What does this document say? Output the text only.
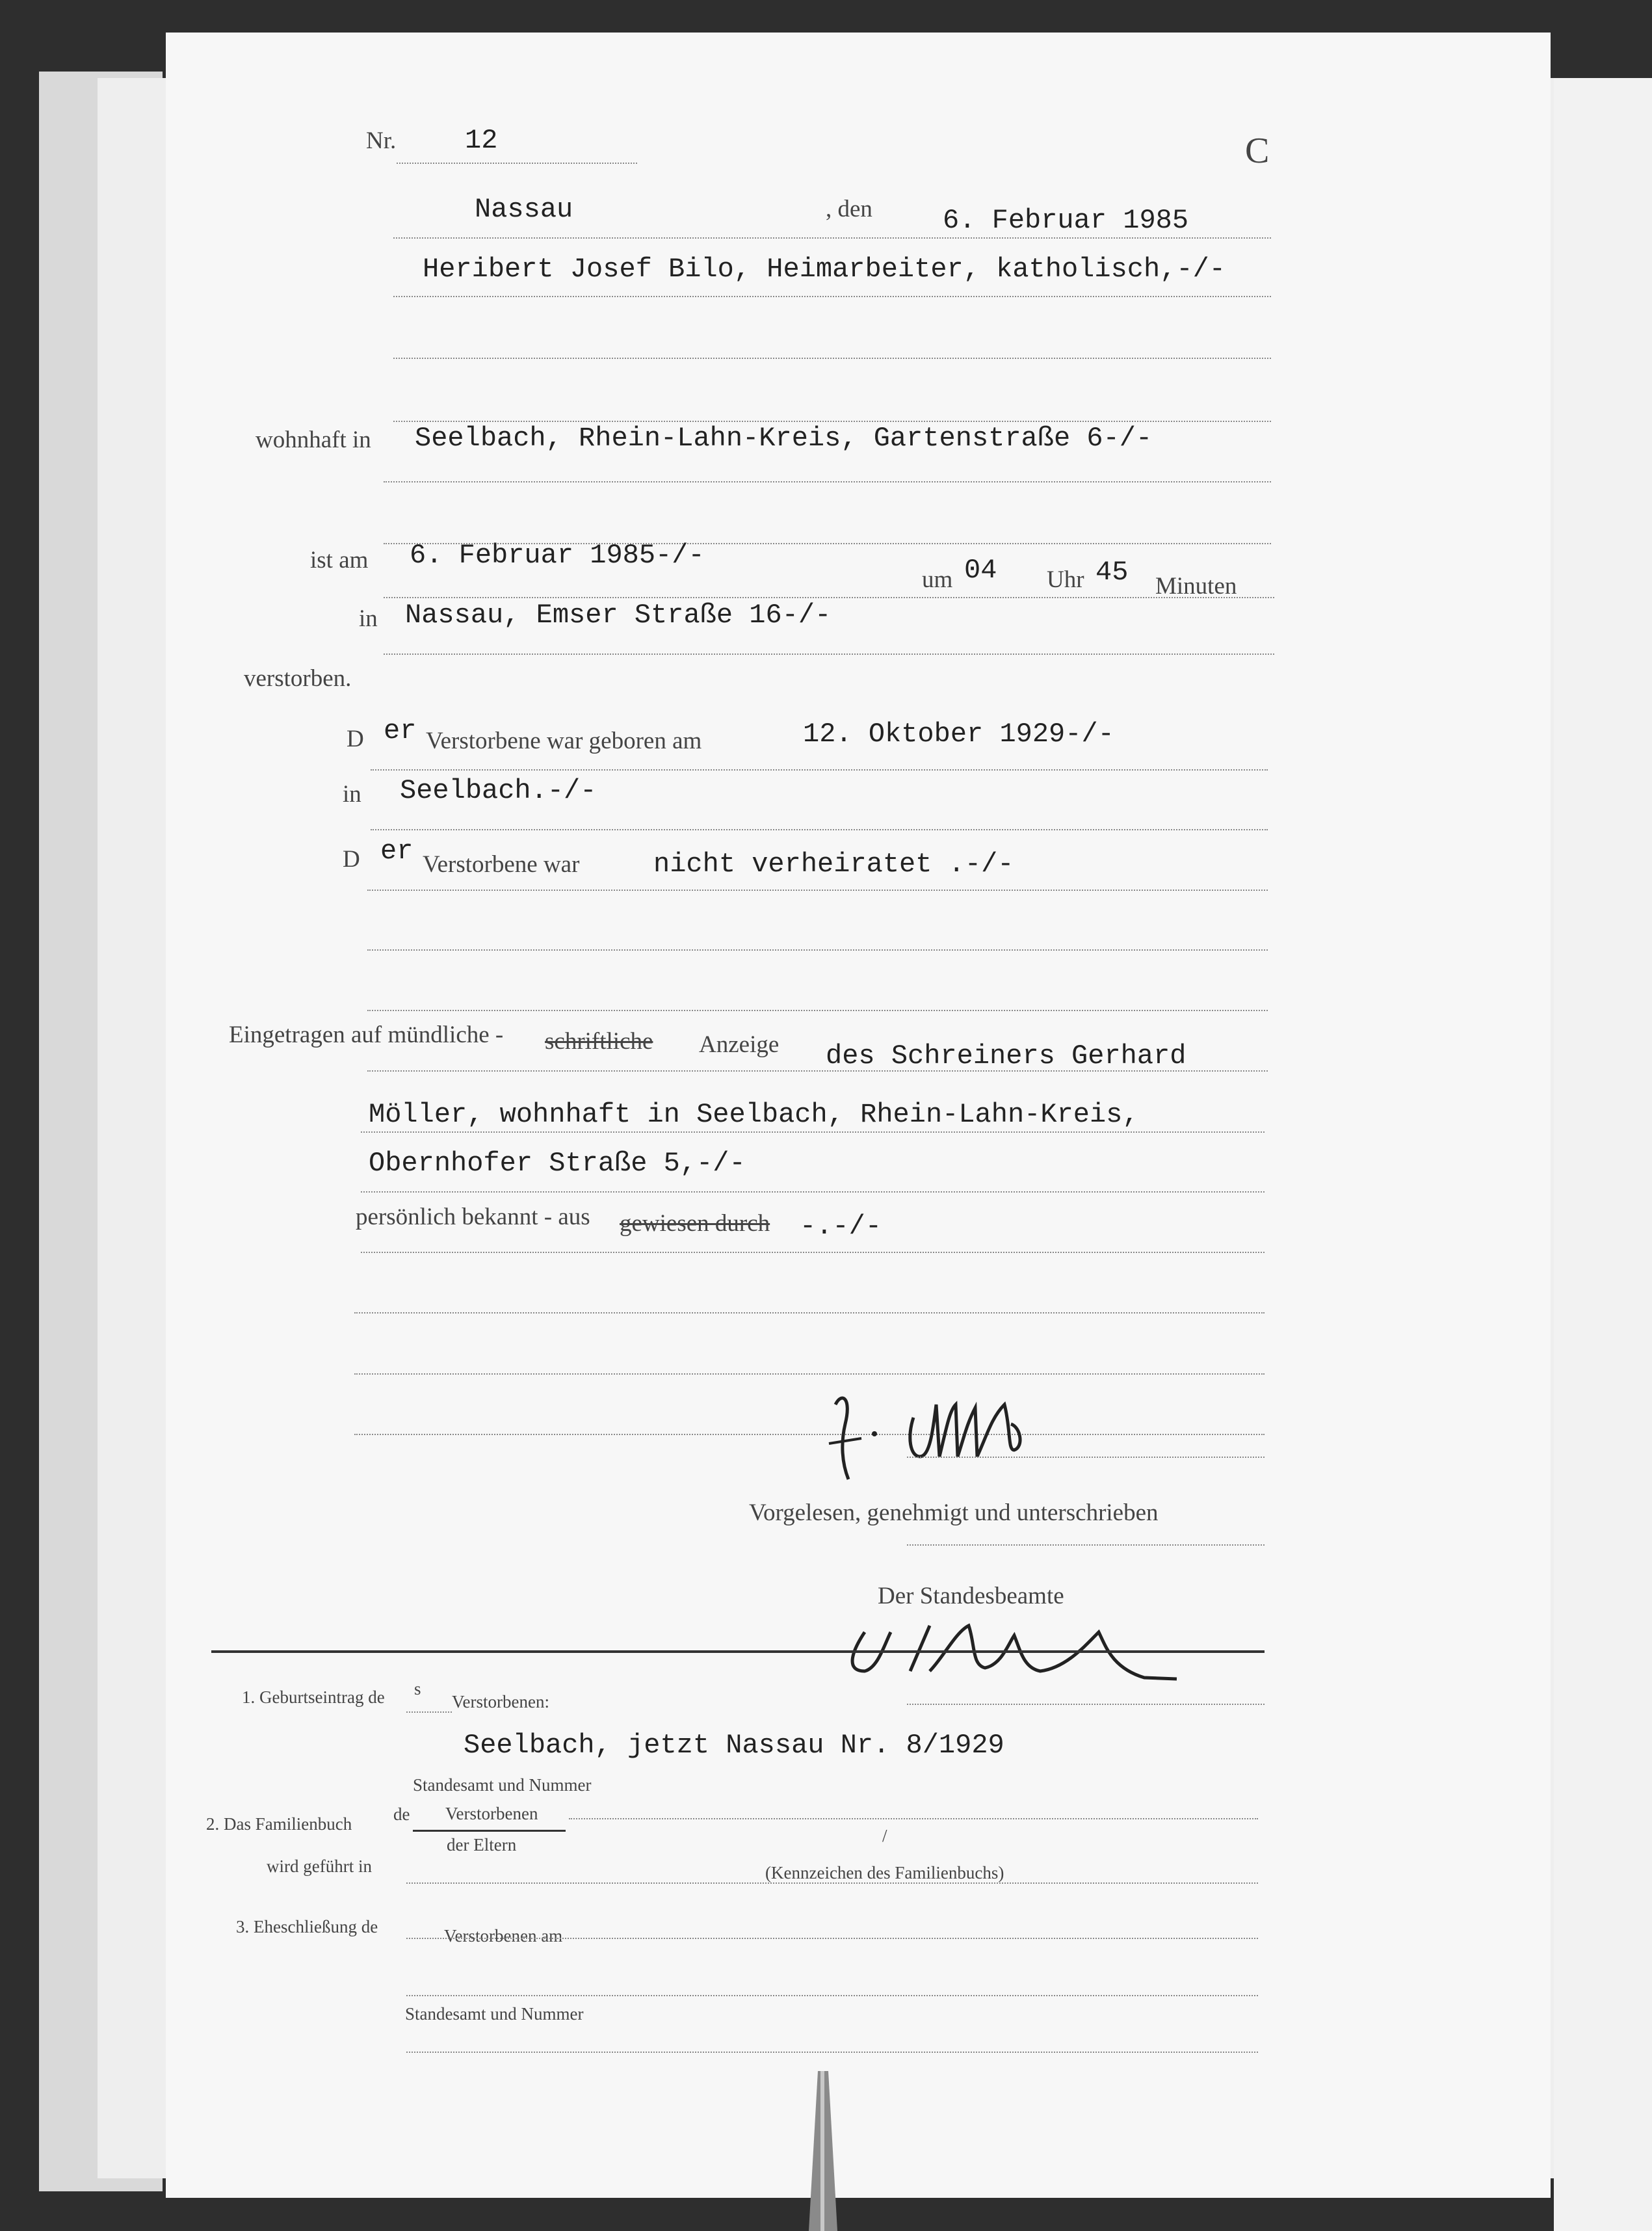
Nr.	12	C
Nassau	, den	6. Februar 1985
Heribert Josef Bilo, Heimarbeiter, katholisch,-/-
wohnhaft in Seelbach, Rhein-Lahn-Kreis, Gartenstraße 6-/-
ist am 6. Februar 1985-/-
um 04 Uhr 45 Minuten
in Nassau, Emser Straße 16-/-
verstorben.
D er Verstorbene war geboren am	12. Oktober 1929-/-
in Seelbach.-/-
D er Verstorbene war	nicht verheiratet .-/-
Eingetragen auf mündliche - schriftliche Anzeige des Schreiners Gerhard
Möller, wohnhaft in Seelbach, Rhein-Lahn-Kreis,
Obernhofer Straße 5,-/-
persönlich bekannt - aus gewiesen durch -.-/-
Vorgelesen, genehmigt und unterschrieben
Der Standesbeamte
1. Geburtseintrag de s
Verstorbenen:
Seelbach, jetzt Nassau Nr. 8/1929
Standesamt und Nummer
2. Das Familienbuch de Verstorbenen
der Eltern	/
wird geführt in	(Kennzeichen des Familienbuchs)
3. Eheschließung de	Verstorbenen am
Standesamt und Nummer
